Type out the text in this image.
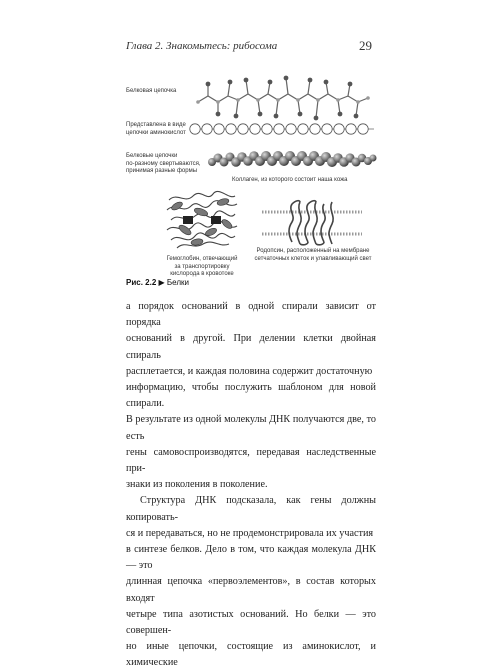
Глава 2. Знакомьтесь: рибосома	29
Белковая цепочка
Представлена в виде
цепочки аминокислот
Белковые цепочки
по-разному свертываются,
принимая разные формы
Коллаген, из которого состоит наша кожа
Гемоглобин, отвечающий
за транспортировку
кислорода в кровотоке
Родопсин, расположенный на мембране
сетчаточных клеток и улавливающий свет
Рис. 2.2 ▶ Белки

а порядок оснований в одной спирали зависит от порядка
оснований в другой. При делении клетки двойная спираль
расплетается, и каждая половина содержит достаточную
информацию, чтобы послужить шаблоном для новой спирали.
В результате из одной молекулы ДНК получаются две, то есть
гены самовоспроизводятся, передавая наследственные при-
знаки из поколения в поколение.

Структура ДНК подсказала, как гены должны копировать-
ся и передаваться, но не продемонстрировала их участия
в синтезе белков. Дело в том, что каждая молекула ДНК — это
длинная цепочка «первоэлементов», в состав которых входят
четыре типа азотистых оснований. Но белки — это совершен-
но иные цепочки, состоящие из аминокислот, и химические
